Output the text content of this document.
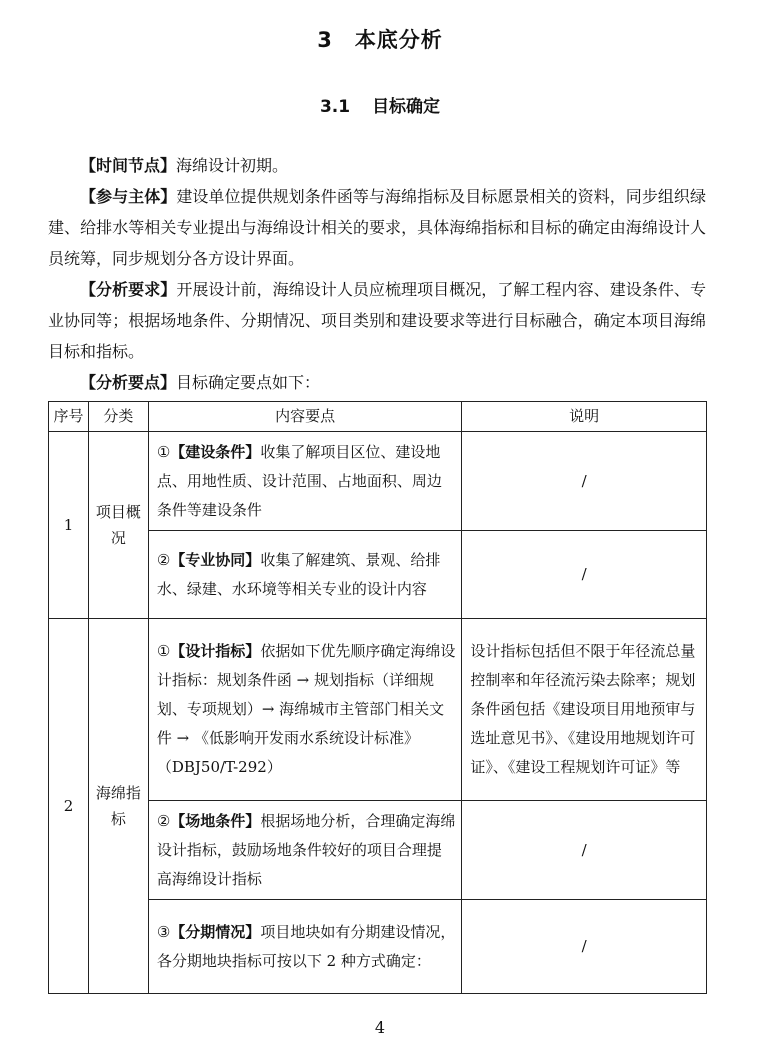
3 本底分析
3.1 目标确定

【时间节点】海绵设计初期。

【参与主体】建设单位提供规划条件函等与海绵指标及目标愿景相关的资料，同步组织绿建、给排水等相关专业提出与海绵设计相关的要求，具体海绵指标和目标的确定由海绵设计人员统筹，同步规划分各方设计界面。

【分析要求】开展设计前，海绵设计人员应梳理项目概况，了解工程内容、建设条件、专业协同等；根据场地条件、分期情况、项目类别和建设要求等进行目标融合，确定本项目海绵目标和指标。

【分析要点】目标确定要点如下：

序号	分类	内容要点	说明
1	项目概况	①【建设条件】收集了解项目区位、建设地点、用地性质、设计范围、占地面积、周边条件等建设条件	/
		②【专业协同】收集了解建筑、景观、给排水、绿建、水环境等相关专业的设计内容	/
2	海绵指标	①【设计指标】依据如下优先顺序确定海绵设计指标：规划条件函 → 规划指标（详细规划、专项规划）→ 海绵城市主管部门相关文件 → 《低影响开发雨水系统设计标准》（DBJ50/T-292）	设计指标包括但不限于年径流总量控制率和年径流污染去除率；规划条件函包括《建设项目用地预审与选址意见书》、《建设用地规划许可证》、《建设工程规划许可证》等
		②【场地条件】根据场地分析，合理确定海绵设计指标，鼓励场地条件较好的项目合理提高海绵设计指标	/
		③【分期情况】项目地块如有分期建设情况，各分期地块指标可按以下 2 种方式确定：	/
4
